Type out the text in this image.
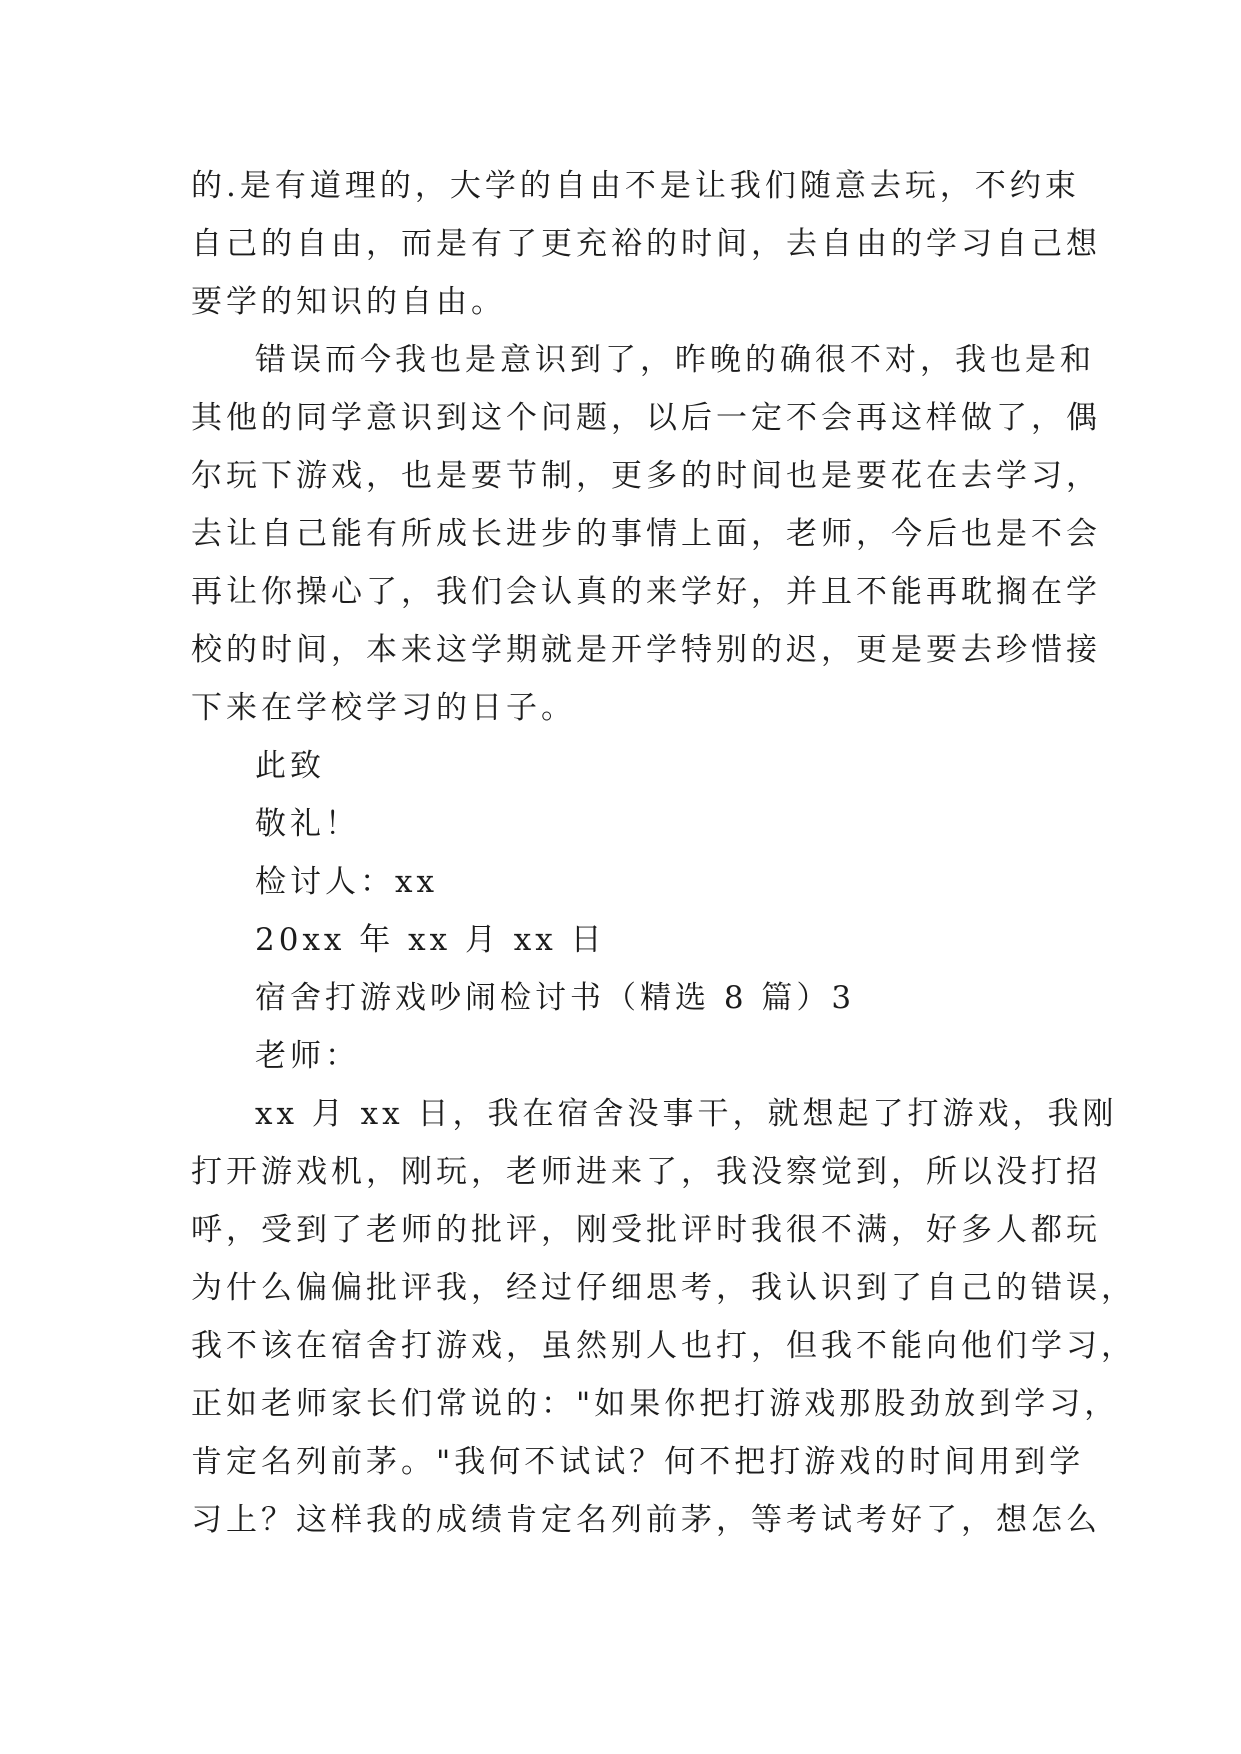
的.是有道理的，大学的自由不是让我们随意去玩，不约束
自己的自由，而是有了更充裕的时间，去自由的学习自己想
要学的知识的自由。
错误而今我也是意识到了，昨晚的确很不对，我也是和
其他的同学意识到这个问题，以后一定不会再这样做了，偶
尔玩下游戏，也是要节制，更多的时间也是要花在去学习，
去让自己能有所成长进步的事情上面，老师，今后也是不会
再让你操心了，我们会认真的来学好，并且不能再耽搁在学
校的时间，本来这学期就是开学特别的迟，更是要去珍惜接
下来在学校学习的日子。
此致
敬礼！
检讨人：xx
20xx 年 xx 月 xx 日
宿舍打游戏吵闹检讨书（精选 8 篇）3
老师：
xx 月 xx 日，我在宿舍没事干，就想起了打游戏，我刚
打开游戏机，刚玩，老师进来了，我没察觉到，所以没打招
呼，受到了老师的批评，刚受批评时我很不满，好多人都玩
为什么偏偏批评我，经过仔细思考，我认识到了自己的错误，
我不该在宿舍打游戏，虽然别人也打，但我不能向他们学习，
正如老师家长们常说的："如果你把打游戏那股劲放到学习，
肯定名列前茅。"我何不试试？何不把打游戏的时间用到学
习上？这样我的成绩肯定名列前茅，等考试考好了，想怎么
